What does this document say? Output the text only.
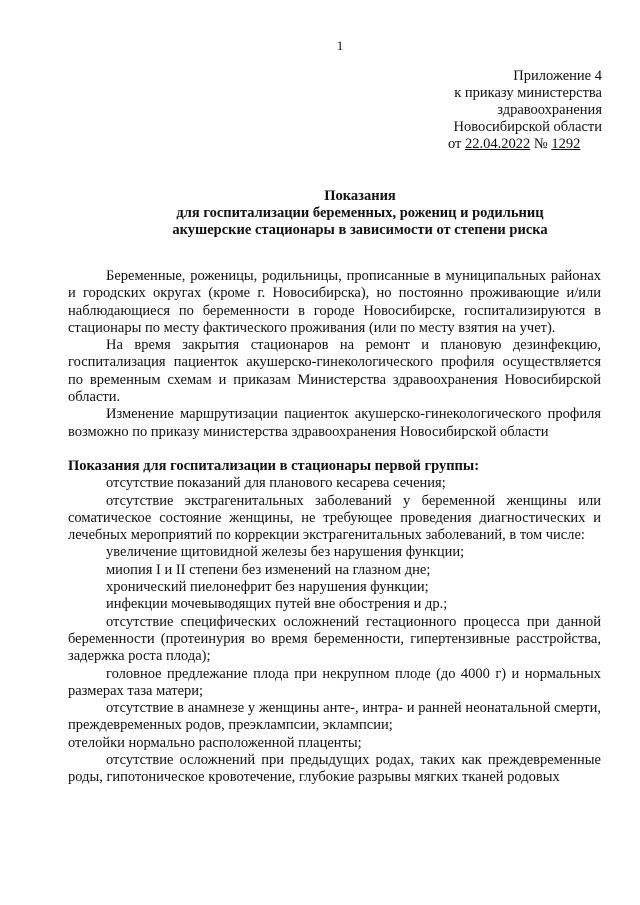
1
Приложение 4
к приказу министерства
здравоохранения
Новосибирской области
от 22.04.2022 № 1292
Показания
для госпитализации беременных, рожениц и родильниц
акушерские стационары в зависимости от степени риска

Беременные, роженицы, родильницы, прописанные в муниципальных районах и городских округах (кроме г. Новосибирска), но постоянно проживающие и/или наблюдающиеся по беременности в городе Новосибирске, госпитализируются в стационары по месту фактического проживания (или по месту взятия на учет).

На время закрытия стационаров на ремонт и плановую дезинфекцию, госпитализация пациенток акушерско-гинекологического профиля осуществляется по временным схемам и приказам Министерства здравоохранения Новосибирской области.

Изменение маршрутизации пациенток акушерско-гинекологического профиля возможно по приказу министерства здравоохранения Новосибирской области

Показания для госпитализации в стационары первой группы:

отсутствие показаний для планового кесарева сечения;

отсутствие экстрагенитальных заболеваний у беременной женщины или соматическое состояние женщины, не требующее проведения диагностических и лечебных мероприятий по коррекции экстрагенитальных заболеваний, в том числе:

увеличение щитовидной железы без нарушения функции;

миопия I и II степени без изменений на глазном дне;

хронический пиелонефрит без нарушения функции;

инфекции мочевыводящих путей вне обострения и др.;

отсутствие специфических осложнений гестационного процесса при данной беременности (протеинурия во время беременности, гипертензивные расстройства, задержка роста плода);

головное предлежание плода при некрупном плоде (до 4000 г) и нормальных размерах таза матери;

отсутствие в анамнезе у женщины анте-, интра- и ранней неонатальной смерти, преждевременных родов, преэклампсии, эклампсии;

отелойки нормально расположенной плаценты;

отсутствие осложнений при предыдущих родах, таких как преждевременные роды, гипотоническое кровотечение, глубокие разрывы мягких тканей родовых
